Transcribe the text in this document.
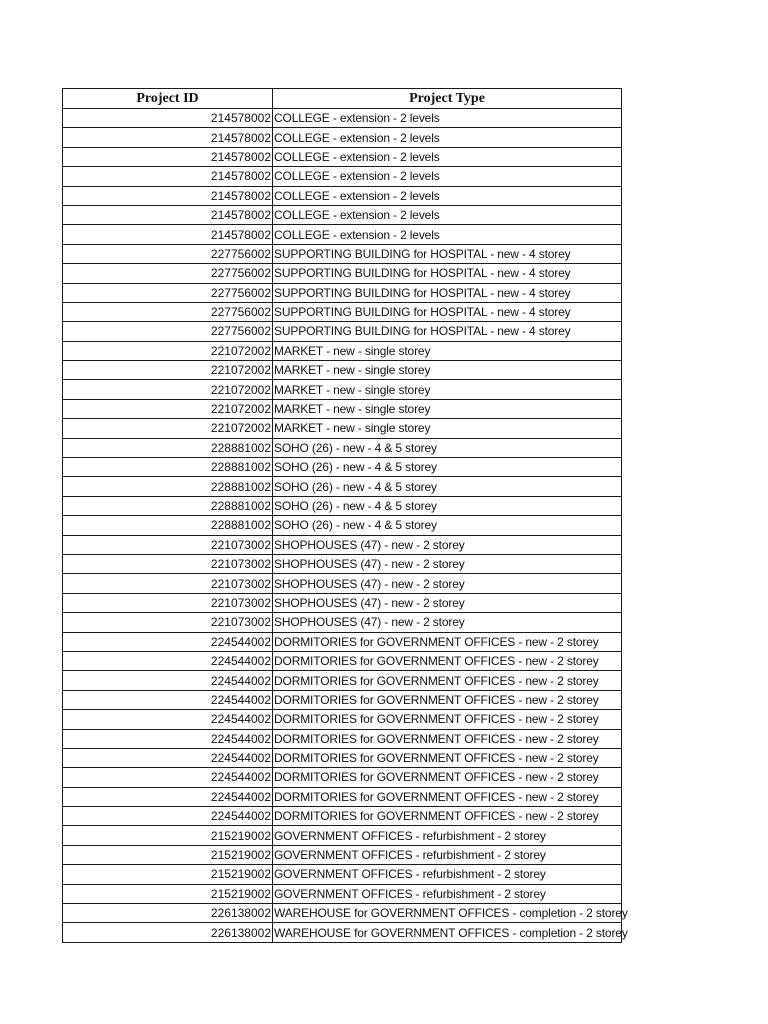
Project ID	Project Type
214578002	COLLEGE - extension - 2 levels
214578002	COLLEGE - extension - 2 levels
214578002	COLLEGE - extension - 2 levels
214578002	COLLEGE - extension - 2 levels
214578002	COLLEGE - extension - 2 levels
214578002	COLLEGE - extension - 2 levels
214578002	COLLEGE - extension - 2 levels
227756002	SUPPORTING BUILDING for HOSPITAL - new - 4 storey
227756002	SUPPORTING BUILDING for HOSPITAL - new - 4 storey
227756002	SUPPORTING BUILDING for HOSPITAL - new - 4 storey
227756002	SUPPORTING BUILDING for HOSPITAL - new - 4 storey
227756002	SUPPORTING BUILDING for HOSPITAL - new - 4 storey
221072002	MARKET - new - single storey
221072002	MARKET - new - single storey
221072002	MARKET - new - single storey
221072002	MARKET - new - single storey
221072002	MARKET - new - single storey
228881002	SOHO (26) - new - 4 & 5 storey
228881002	SOHO (26) - new - 4 & 5 storey
228881002	SOHO (26) - new - 4 & 5 storey
228881002	SOHO (26) - new - 4 & 5 storey
228881002	SOHO (26) - new - 4 & 5 storey
221073002	SHOPHOUSES (47) - new - 2 storey
221073002	SHOPHOUSES (47) - new - 2 storey
221073002	SHOPHOUSES (47) - new - 2 storey
221073002	SHOPHOUSES (47) - new - 2 storey
221073002	SHOPHOUSES (47) - new - 2 storey
224544002	DORMITORIES for GOVERNMENT OFFICES - new - 2 storey
224544002	DORMITORIES for GOVERNMENT OFFICES - new - 2 storey
224544002	DORMITORIES for GOVERNMENT OFFICES - new - 2 storey
224544002	DORMITORIES for GOVERNMENT OFFICES - new - 2 storey
224544002	DORMITORIES for GOVERNMENT OFFICES - new - 2 storey
224544002	DORMITORIES for GOVERNMENT OFFICES - new - 2 storey
224544002	DORMITORIES for GOVERNMENT OFFICES - new - 2 storey
224544002	DORMITORIES for GOVERNMENT OFFICES - new - 2 storey
224544002	DORMITORIES for GOVERNMENT OFFICES - new - 2 storey
224544002	DORMITORIES for GOVERNMENT OFFICES - new - 2 storey
215219002	GOVERNMENT OFFICES - refurbishment - 2 storey
215219002	GOVERNMENT OFFICES - refurbishment - 2 storey
215219002	GOVERNMENT OFFICES - refurbishment - 2 storey
215219002	GOVERNMENT OFFICES - refurbishment - 2 storey
226138002	WAREHOUSE for GOVERNMENT OFFICES - completion - 2 storey
226138002	WAREHOUSE for GOVERNMENT OFFICES - completion - 2 storey
